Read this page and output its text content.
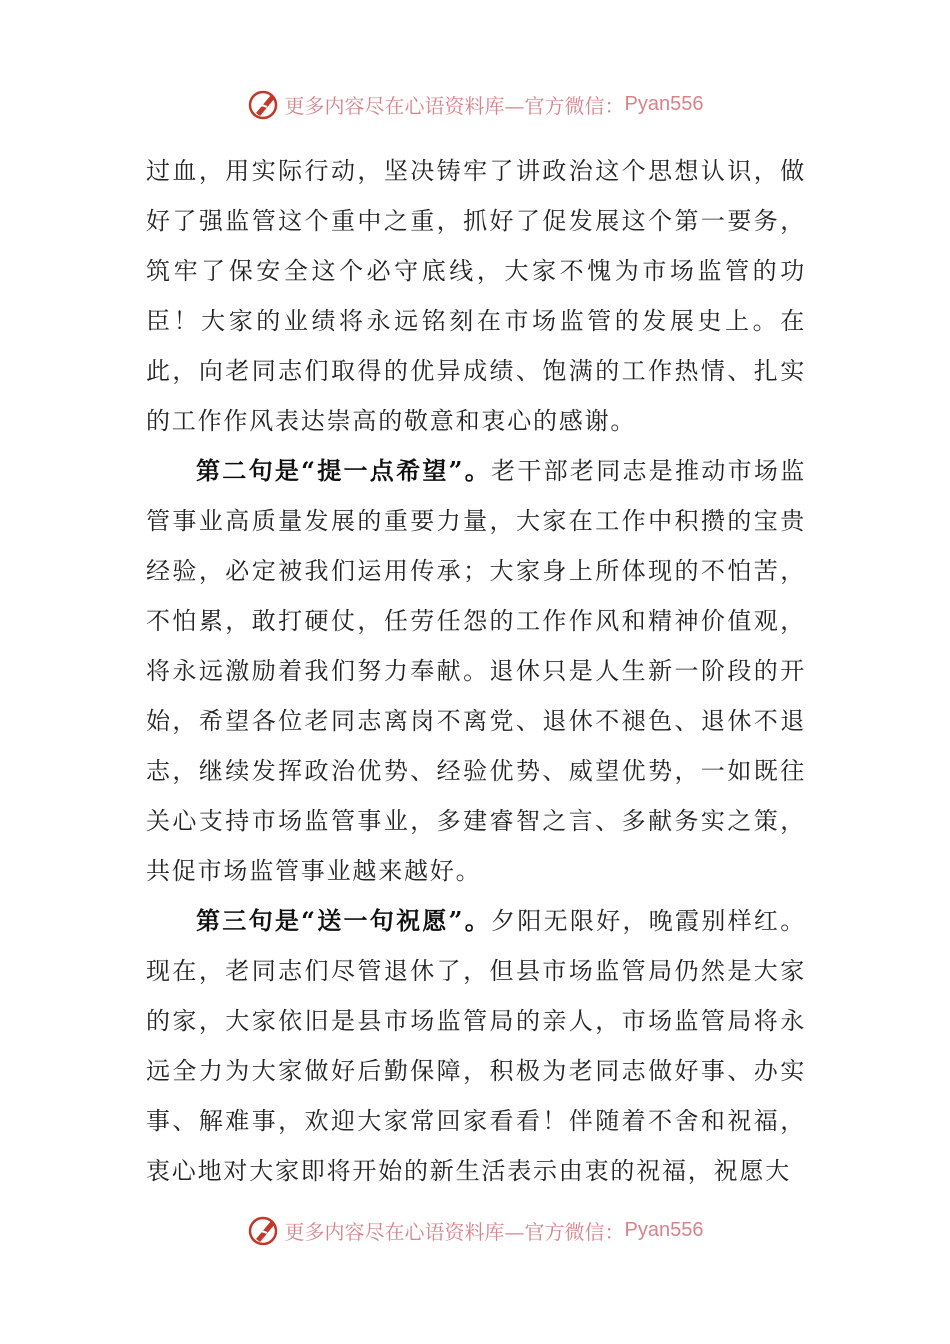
更多内容尽在心语资料库 —官方微信： Pyan556

过血，用实际行动，坚决铸牢了讲政治这个思想认识，做好了强监管这个重中之重，抓好了促发展这个第一要务，筑牢了保安全这个必守底线，大家不愧为市场监管的功臣！大家的业绩将永远铭刻在市场监管的发展史上。在此，向老同志们取得的优异成绩、饱满的工作热情、扎实的工作作风表达崇高的敬意和衷心的感谢。

第二句是“提一点希望”。老干部老同志是推动市场监管事业高质量发展的重要力量，大家在工作中积攒的宝贵经验，必定被我们运用传承；大家身上所体现的不怕苦，不怕累，敢打硬仗，任劳任怨的工作作风和精神价值观，将永远激励着我们努力奉献。退休只是人生新一阶段的开始，希望各位老同志离岗不离党、退休不褪色、退休不退志，继续发挥政治优势、经验优势、威望优势，一如既往关心支持市场监管事业，多建睿智之言、多献务实之策，共促市场监管事业越来越好。

第三句是“送一句祝愿”。夕阳无限好，晚霞别样红。现在，老同志们尽管退休了，但县市场监管局仍然是大家的家，大家依旧是县市场监管局的亲人，市场监管局将永远全力为大家做好后勤保障，积极为老同志做好事、办实事、解难事，欢迎大家常回家看看！伴随着不舍和祝福，衷心地对大家即将开始的新生活表示由衷的祝福，祝愿大

更多内容尽在心语资料库 —官方微信： Pyan556
